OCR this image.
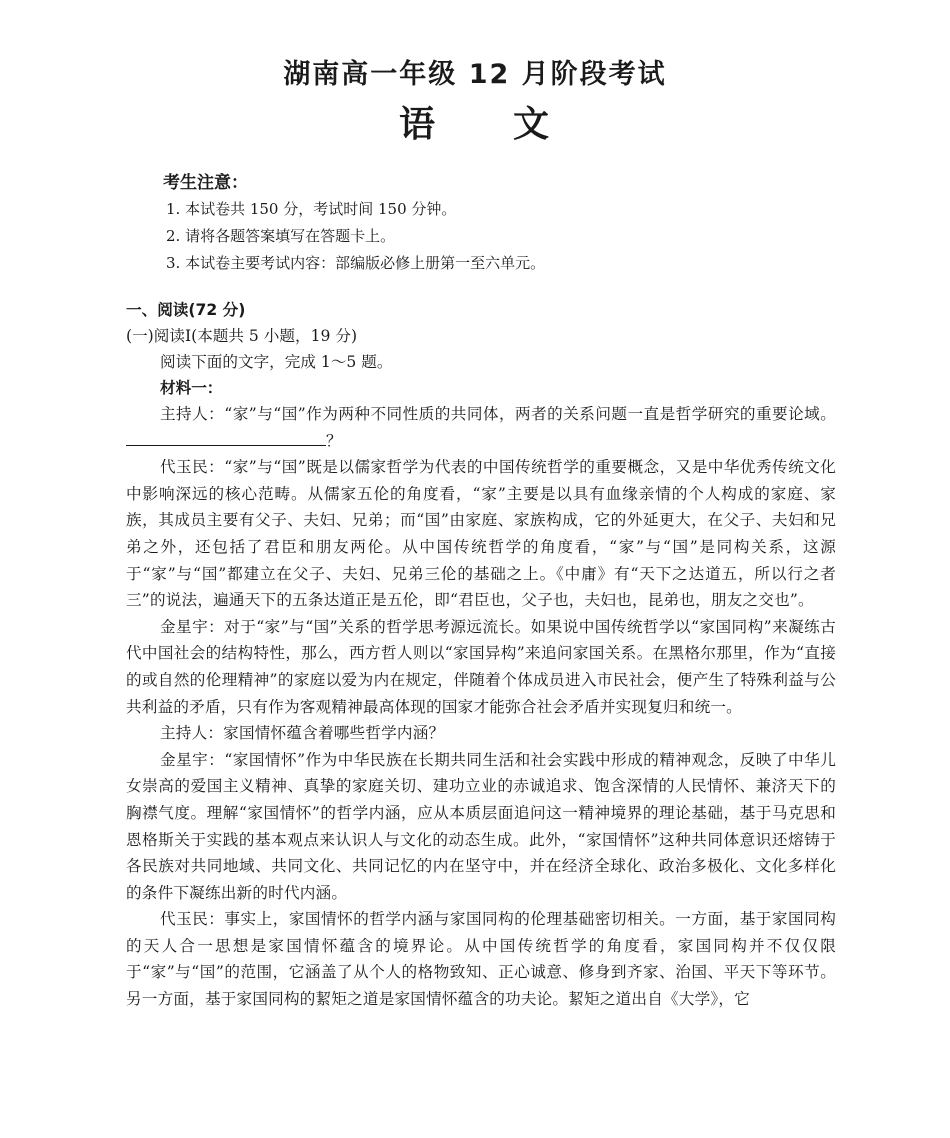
湖南高一年级 12 月阶段考试
语　　文
考生注意：
1. 本试卷共 150 分，考试时间 150 分钟。
2. 请将各题答案填写在答题卡上。
3. 本试卷主要考试内容：部编版必修上册第一至六单元。
一、阅读(72 分)
(一)阅读Ⅰ(本题共 5 小题，19 分)
阅读下面的文字，完成 1～5 题。
材料一：

主持人：“家”与“国”作为两种不同性质的共同体，两者的关系问题一直是哲学研究的重要论域。？

代玉民：“家”与“国”既是以儒家哲学为代表的中国传统哲学的重要概念，又是中华优秀传统文化中影响深远的核心范畴。从儒家五伦的角度看，“家”主要是以具有血缘亲情的个人构成的家庭、家族，其成员主要有父子、夫妇、兄弟；而“国”由家庭、家族构成，它的外延更大，在父子、夫妇和兄弟之外，还包括了君臣和朋友两伦。从中国传统哲学的角度看，“家”与“国”是同构关系，这源于“家”与“国”都建立在父子、夫妇、兄弟三伦的基础之上。《中庸》有“天下之达道五，所以行之者三”的说法，遍通天下的五条达道正是五伦，即“君臣也，父子也，夫妇也，昆弟也，朋友之交也”。

金星宇：对于“家”与“国”关系的哲学思考源远流长。如果说中国传统哲学以“家国同构”来凝练古代中国社会的结构特性，那么，西方哲人则以“家国异构”来追问家国关系。在黑格尔那里，作为“直接的或自然的伦理精神”的家庭以爱为内在规定，伴随着个体成员进入市民社会，便产生了特殊利益与公共利益的矛盾，只有作为客观精神最高体现的国家才能弥合社会矛盾并实现复归和统一。

主持人：家国情怀蕴含着哪些哲学内涵？

金星宇：“家国情怀”作为中华民族在长期共同生活和社会实践中形成的精神观念，反映了中华儿女崇高的爱国主义精神、真挚的家庭关切、建功立业的赤诚追求、饱含深情的人民情怀、兼济天下的胸襟气度。理解“家国情怀”的哲学内涵，应从本质层面追问这一精神境界的理论基础，基于马克思和恩格斯关于实践的基本观点来认识人与文化的动态生成。此外，“家国情怀”这种共同体意识还熔铸于各民族对共同地域、共同文化、共同记忆的内在坚守中，并在经济全球化、政治多极化、文化多样化的条件下凝练出新的时代内涵。

代玉民：事实上，家国情怀的哲学内涵与家国同构的伦理基础密切相关。一方面，基于家国同构的天人合一思想是家国情怀蕴含的境界论。从中国传统哲学的角度看，家国同构并不仅仅限于“家”与“国”的范围，它涵盖了从个人的格物致知、正心诚意、修身到齐家、治国、平天下等环节。另一方面，基于家国同构的絜矩之道是家国情怀蕴含的功夫论。絜矩之道出自《大学》，它
